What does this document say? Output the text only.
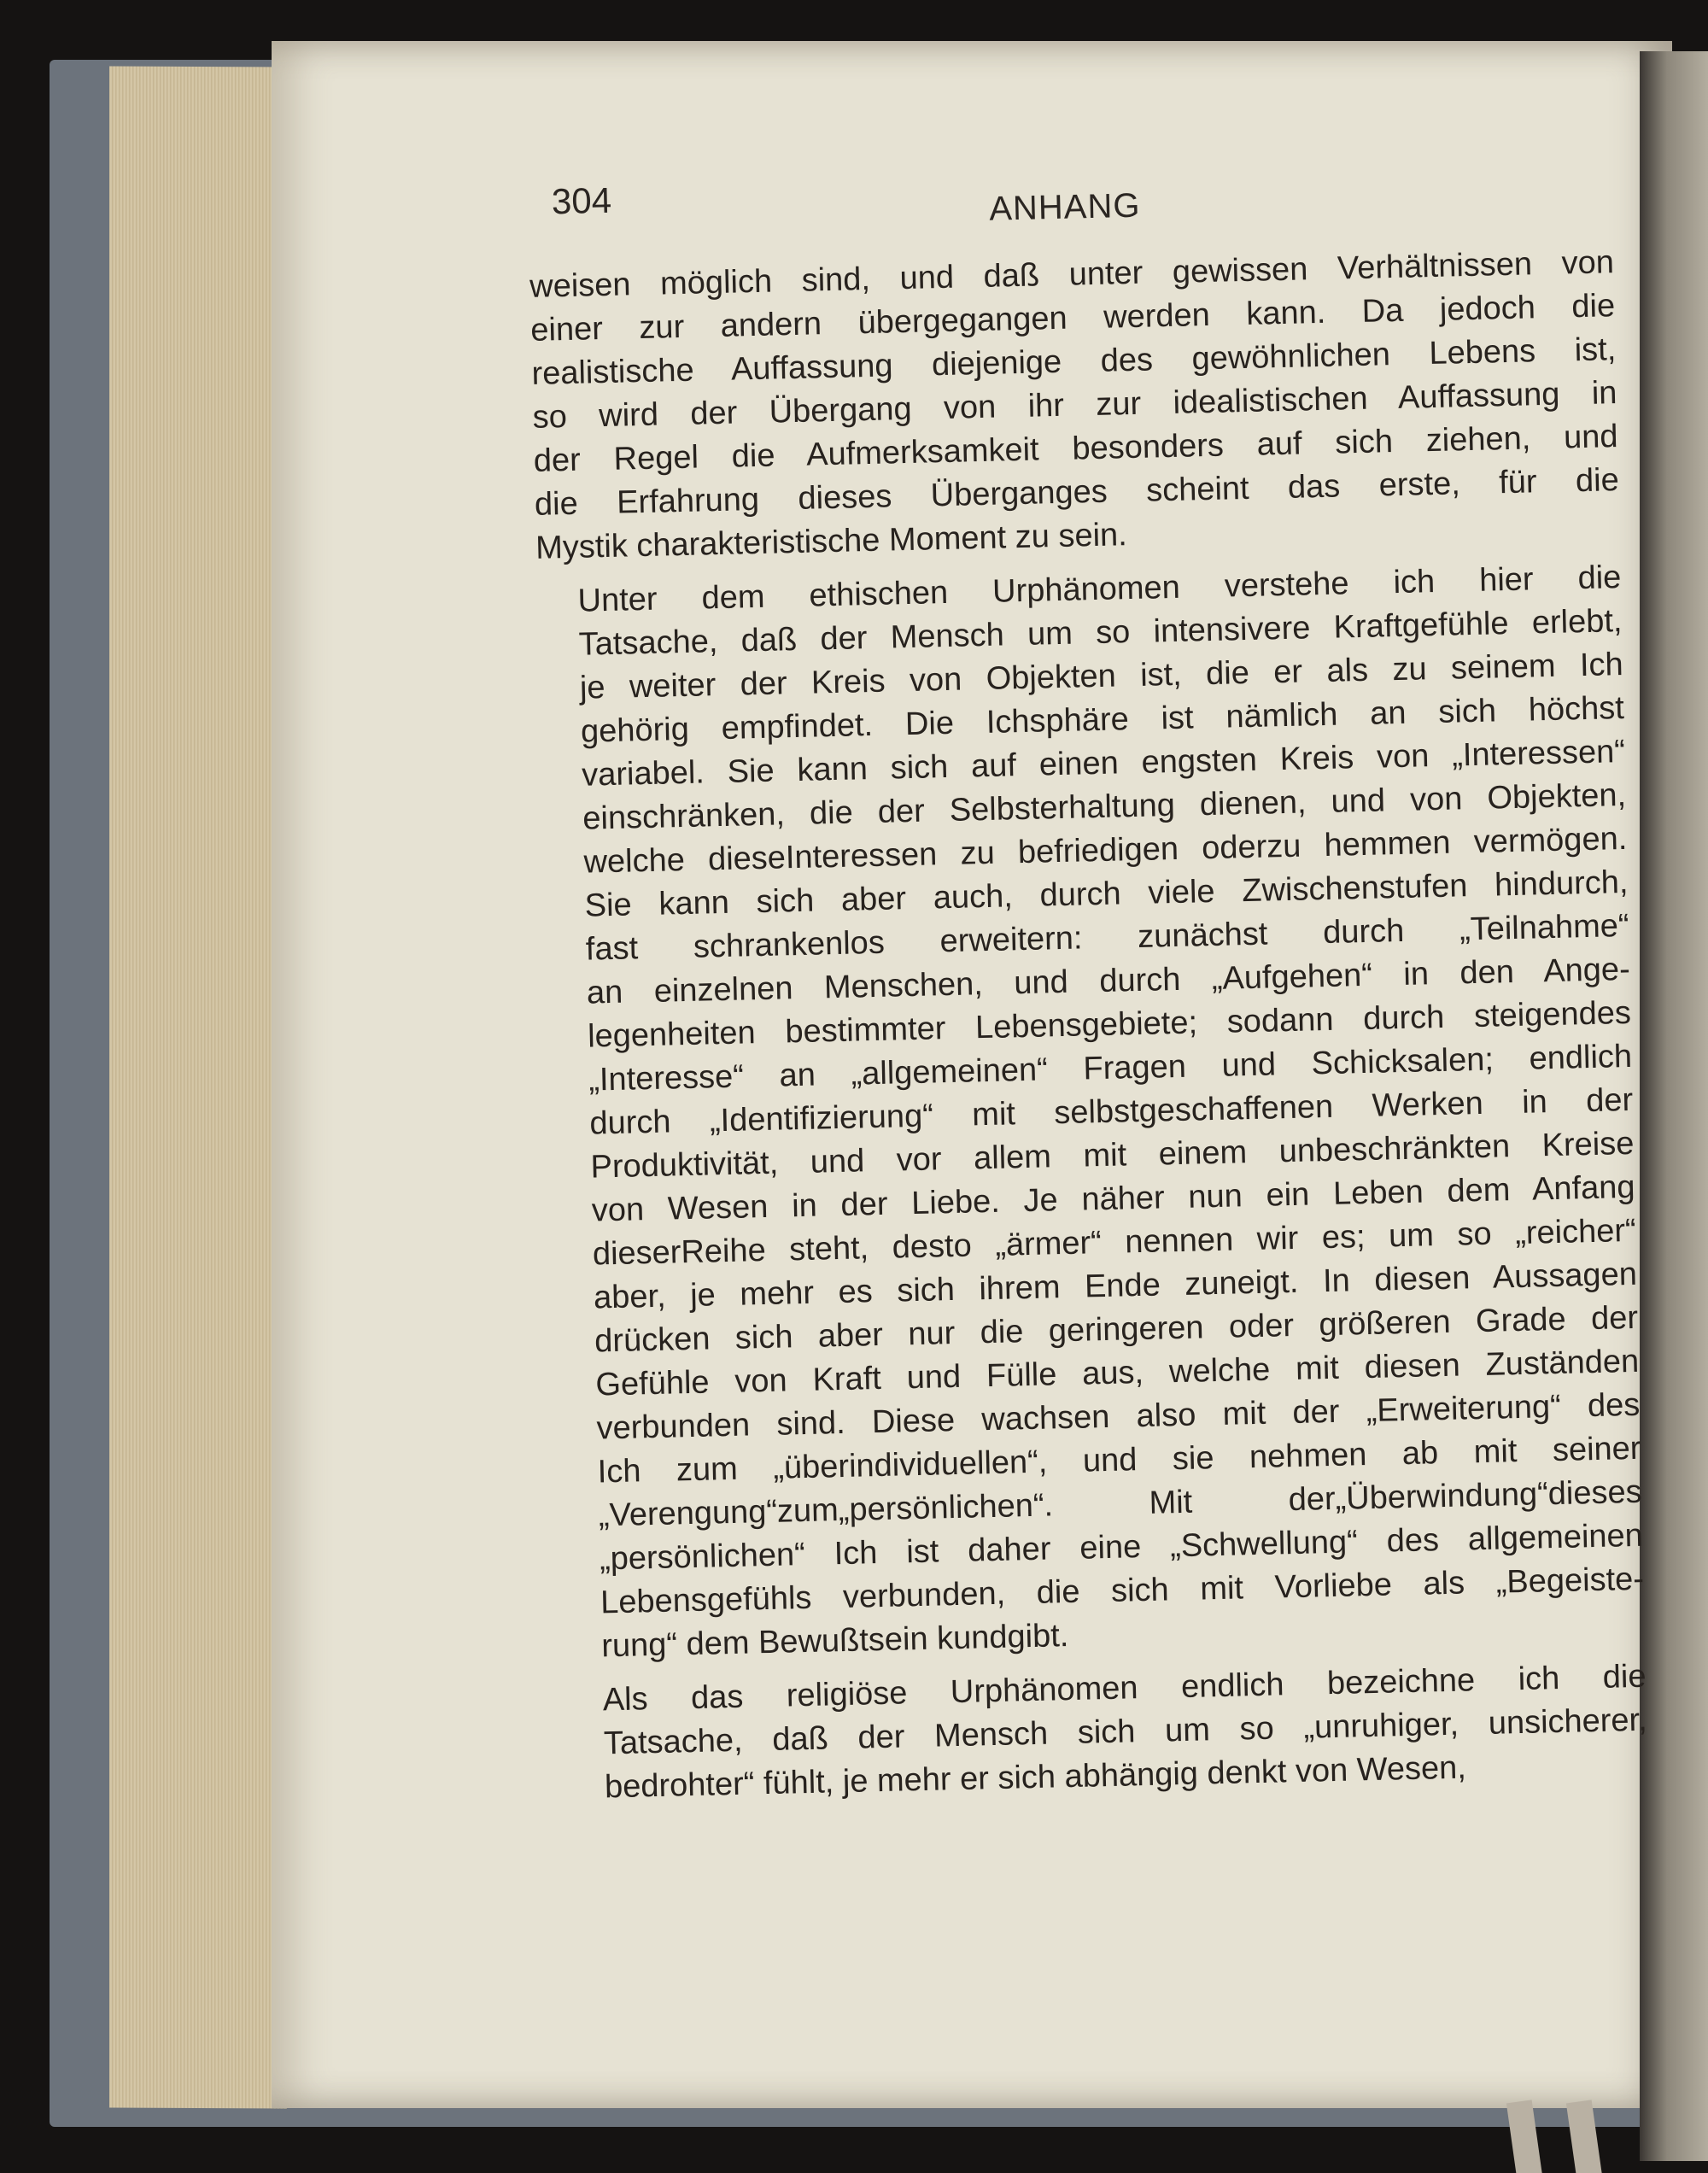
304	ANHANG
weisen möglich sind, und daß unter gewissen Verhältnissen von
einer zur andern übergegangen werden kann. Da jedoch die
realistische Auffassung diejenige des gewöhnlichen Lebens ist,
so wird der Übergang von ihr zur idealistischen Auffassung in
der Regel die Aufmerksamkeit besonders auf sich ziehen, und
die Erfahrung dieses Überganges scheint das erste, für die
Mystik charakteristische Moment zu sein.
Unter dem ethischen Urphänomen verstehe ich hier die
Tatsache, daß der Mensch um so intensivere Kraftgefühle erlebt,
je weiter der Kreis von Objekten ist, die er als zu seinem Ich
gehörig empfindet. Die Ichsphäre ist nämlich an sich höchst
variabel. Sie kann sich auf einen engsten Kreis von „Interessen“
einschränken, die der Selbsterhaltung dienen, und von Objekten,
welche dieseInteressen zu befriedigen oderzu hemmen vermögen.
Sie kann sich aber auch, durch viele Zwischenstufen hindurch,
fast schrankenlos erweitern: zunächst durch „Teilnahme“
an einzelnen Menschen, und durch „Aufgehen“ in den Ange-
legenheiten bestimmter Lebensgebiete; sodann durch steigendes
„Interesse“ an „allgemeinen“ Fragen und Schicksalen; endlich
durch „Identifizierung“ mit selbstgeschaffenen Werken in der
Produktivität, und vor allem mit einem unbeschränkten Kreise
von Wesen in der Liebe. Je näher nun ein Leben dem Anfang
dieserReihe steht, desto „ärmer“ nennen wir es; um so „reicher“
aber, je mehr es sich ihrem Ende zuneigt. In diesen Aussagen
drücken sich aber nur die geringeren oder größeren Grade der
Gefühle von Kraft und Fülle aus, welche mit diesen Zuständen
verbunden sind. Diese wachsen also mit der „Erweiterung“ des
Ich zum „überindividuellen“, und sie nehmen ab mit seiner
„Verengung“zum„persönlichen“. Mit der„Überwindung“dieses
„persönlichen“ Ich ist daher eine „Schwellung“ des allgemeinen
Lebensgefühls verbunden, die sich mit Vorliebe als „Begeiste-
rung“ dem Bewußtsein kundgibt.
Als das religiöse Urphänomen endlich bezeichne ich die
Tatsache, daß der Mensch sich um so „unruhiger, unsicherer,
bedrohter“ fühlt, je mehr er sich abhängig denkt von Wesen,
